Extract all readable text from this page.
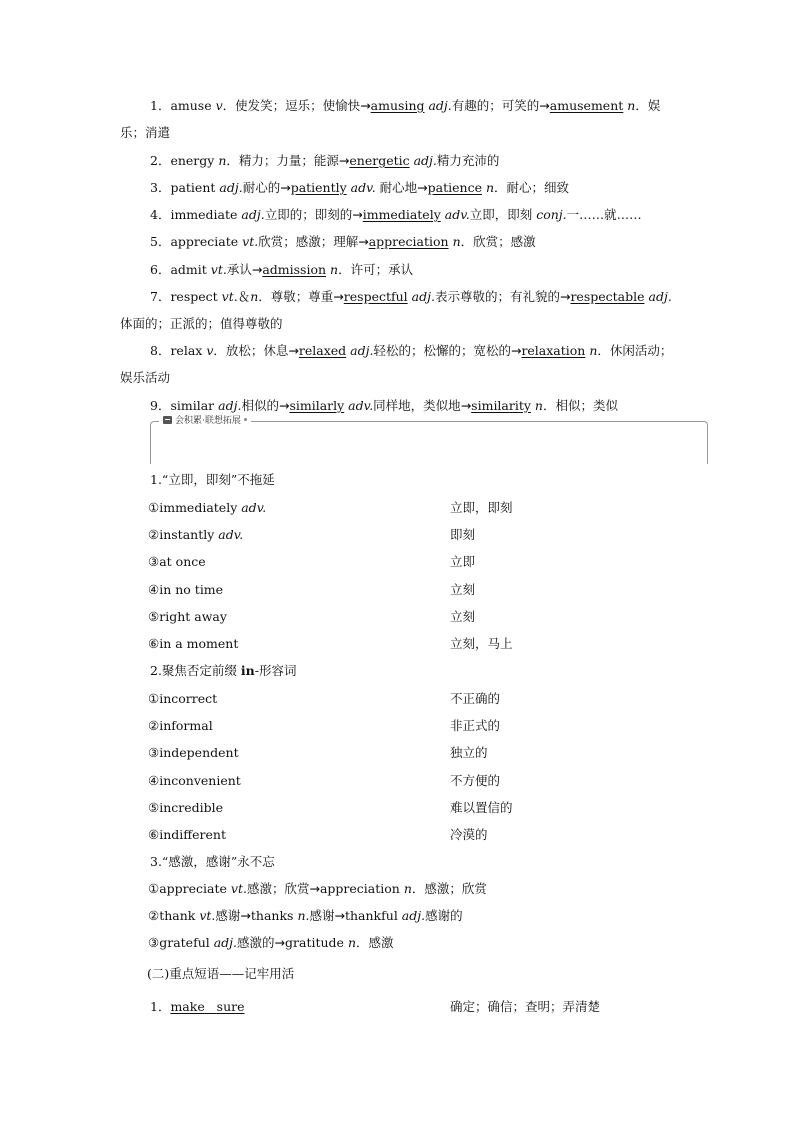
1．amuse v．使发笑；逗乐；使愉快→amusing adj.有趣的；可笑的→amusement n．娱
乐；消遣
2．energy n．精力；力量；能源→energetic adj.精力充沛的
3．patient adj.耐心的→patiently adv. 耐心地→patience n．耐心；细致
4．immediate adj.立即的；即刻的→immediately adv.立即，即刻 conj.一……就……
5．appreciate vt.欣赏；感激；理解→appreciation n．欣赏；感激
6．admit vt.承认→admission n．许可；承认
7．respect vt.＆n．尊敬；尊重→respectful adj.表示尊敬的；有礼貌的→respectable adj.
体面的；正派的；值得尊敬的
8．relax v．放松；休息→relaxed adj.轻松的；松懈的；宽松的→relaxation n．休闲活动；
娱乐活动
9．similar adj.相似的→similarly adv.同样地，类似地→similarity n．相似；类似
会积累·联想拓展
1.“立即，即刻”不拖延
①immediately adv.	立即，即刻
②instantly adv.	即刻
③at once	立即
④in no time	立刻
⑤right away	立刻
⑥in a moment	立刻，马上
2.聚焦否定前缀 in-形容词
①incorrect	不正确的
②informal	非正式的
③independent	独立的
④inconvenient	不方便的
⑤incredible	难以置信的
⑥indifferent	冷漠的
3.“感激，感谢”永不忘
①appreciate vt.感激；欣赏→appreciation n．感激；欣赏
②thank vt.感谢→thanks n.感谢→thankful adj.感谢的
③grateful adj.感激的→gratitude n．感激
(二)重点短语——记牢用活
1．make sure	确定；确信；查明；弄清楚
